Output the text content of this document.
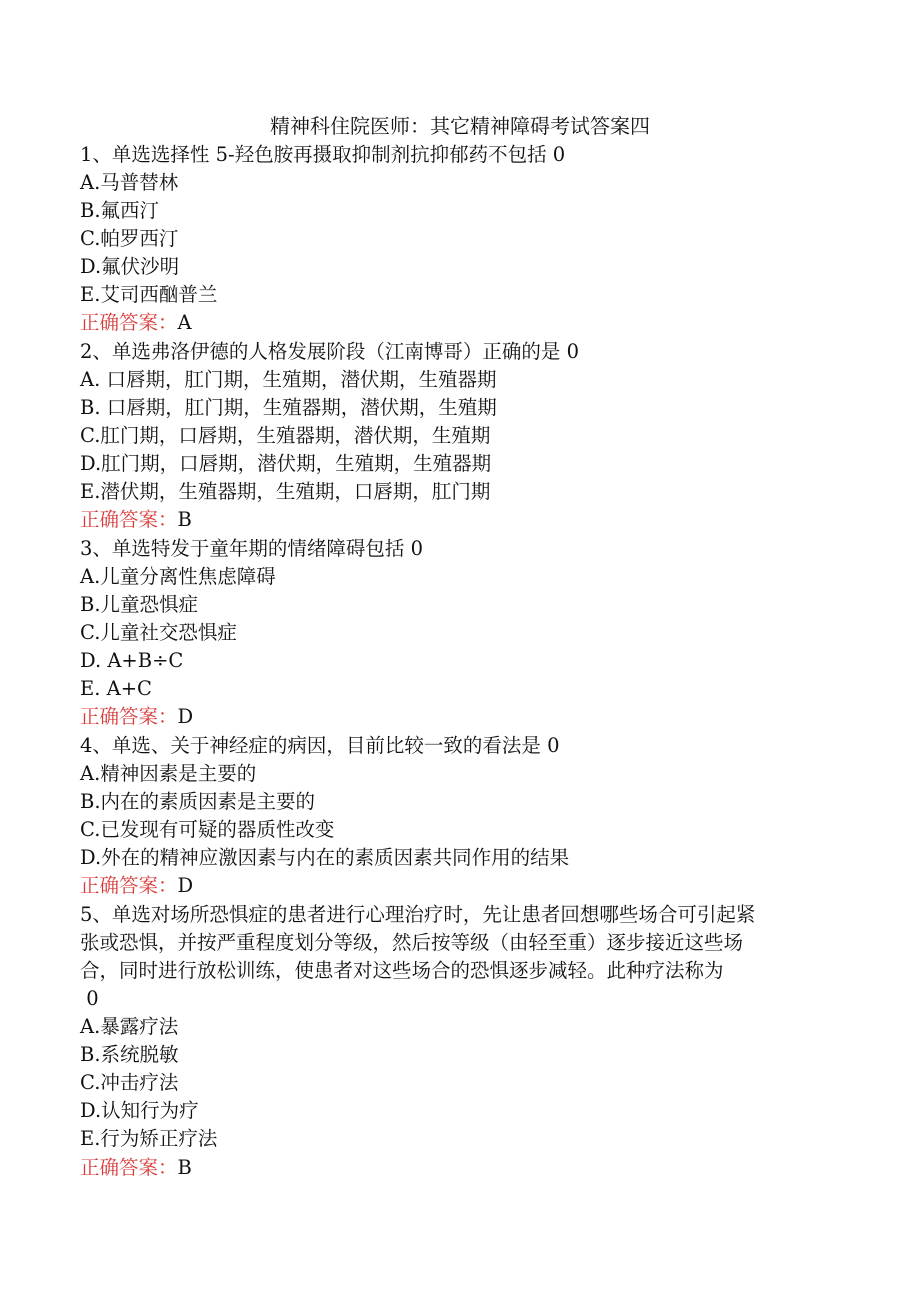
精神科住院医师：其它精神障碍考试答案四
1、单选选择性 5-羟色胺再摄取抑制剂抗抑郁药不包括 0
A.马普替林
B.氟西汀
C.帕罗西汀
D.氟伏沙明
E.艾司西酗普兰
正确答案：A
2、单选弗洛伊德的人格发展阶段（江南博哥）正确的是 0
A. 口唇期，肛门期，生殖期，潜伏期，生殖器期
B. 口唇期，肛门期，生殖器期，潜伏期，生殖期
C.肛门期，口唇期，生殖器期，潜伏期，生殖期
D.肛门期，口唇期，潜伏期，生殖期，生殖器期
E.潜伏期，生殖器期，生殖期，口唇期，肛门期
正确答案：B
3、单选特发于童年期的情绪障碍包括 0
A.儿童分离性焦虑障碍
B.儿童恐惧症
C.儿童社交恐惧症
D. A+B÷C
E. A+C
正确答案：D
4、单选、关于神经症的病因，目前比较一致的看法是 0
A.精神因素是主要的
B.内在的素质因素是主要的
C.已发现有可疑的器质性改变
D.外在的精神应激因素与内在的素质因素共同作用的结果
正确答案：D
5、单选对场所恐惧症的患者进行心理治疗时，先让患者回想哪些场合可引起紧
张或恐惧，并按严重程度划分等级，然后按等级（由轻至重）逐步接近这些场
合，同时进行放松训练，使患者对这些场合的恐惧逐步减轻。此种疗法称为
0
A.暴露疗法
B.系统脱敏
C.冲击疗法
D.认知行为疗
E.行为矫正疗法
正确答案：B
